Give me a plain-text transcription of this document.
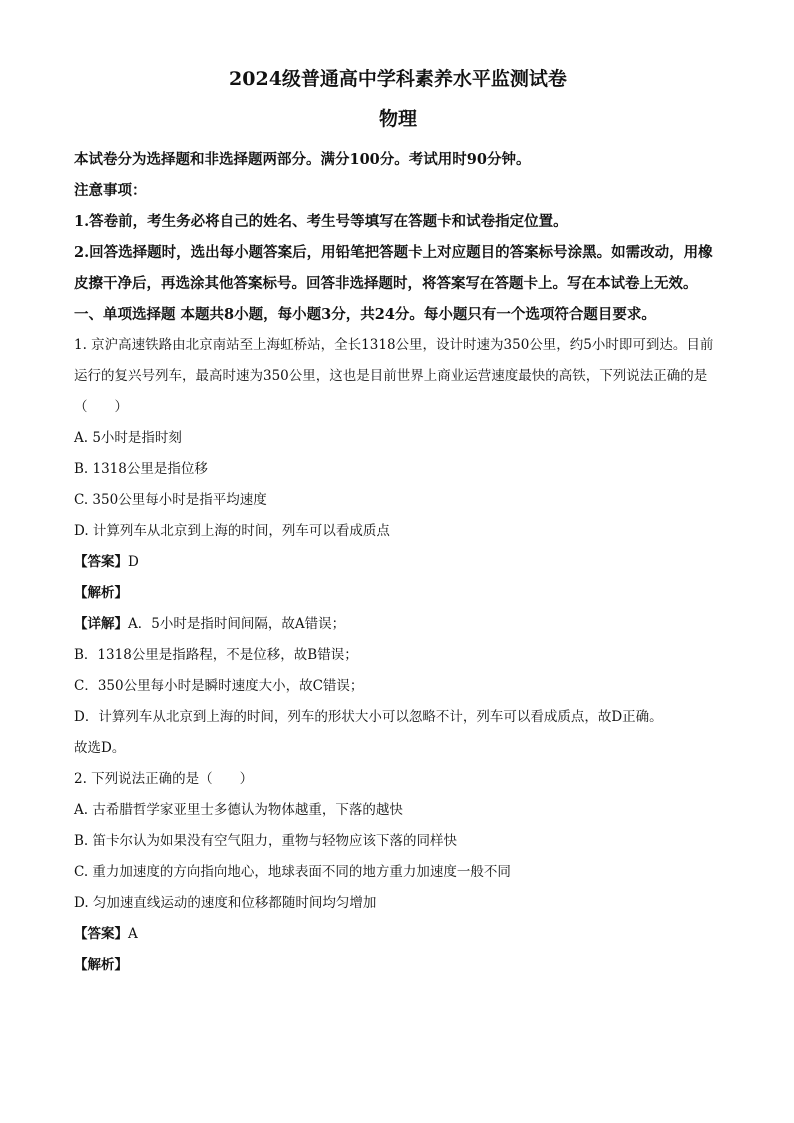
2024级普通高中学科素养水平监测试卷

物理

本试卷分为选择题和非选择题两部分。满分100分。考试用时90分钟。

注意事项：

1.答卷前，考生务必将自己的姓名、考生号等填写在答题卡和试卷指定位置。

2.回答选择题时，选出每小题答案后，用铅笔把答题卡上对应题目的答案标号涂黑。如需改动，用橡皮擦干净后，再选涂其他答案标号。回答非选择题时，将答案写在答题卡上。写在本试卷上无效。

一、单项选择题 本题共8小题，每小题3分，共24分。每小题只有一个选项符合题目要求。

1. 京沪高速铁路由北京南站至上海虹桥站，全长1318公里，设计时速为350公里，约5小时即可到达。目前运行的复兴号列车，最高时速为350公里，这也是目前世界上商业运营速度最快的高铁，下列说法正确的是（　　）

A. 5小时是指时刻

B. 1318公里是指位移

C. 350公里每小时是指平均速度

D. 计算列车从北京到上海的时间，列车可以看成质点

【答案】D

【解析】

【详解】A．5小时是指时间间隔，故A错误；

B．1318公里是指路程，不是位移，故B错误；

C．350公里每小时是瞬时速度大小，故C错误；

D．计算列车从北京到上海的时间，列车的形状大小可以忽略不计，列车可以看成质点，故D正确。

故选D。

2. 下列说法正确的是（　　）

A. 古希腊哲学家亚里士多德认为物体越重，下落的越快

B. 笛卡尔认为如果没有空气阻力，重物与轻物应该下落的同样快

C. 重力加速度的方向指向地心，地球表面不同的地方重力加速度一般不同

D. 匀加速直线运动的速度和位移都随时间均匀增加

【答案】A

【解析】
